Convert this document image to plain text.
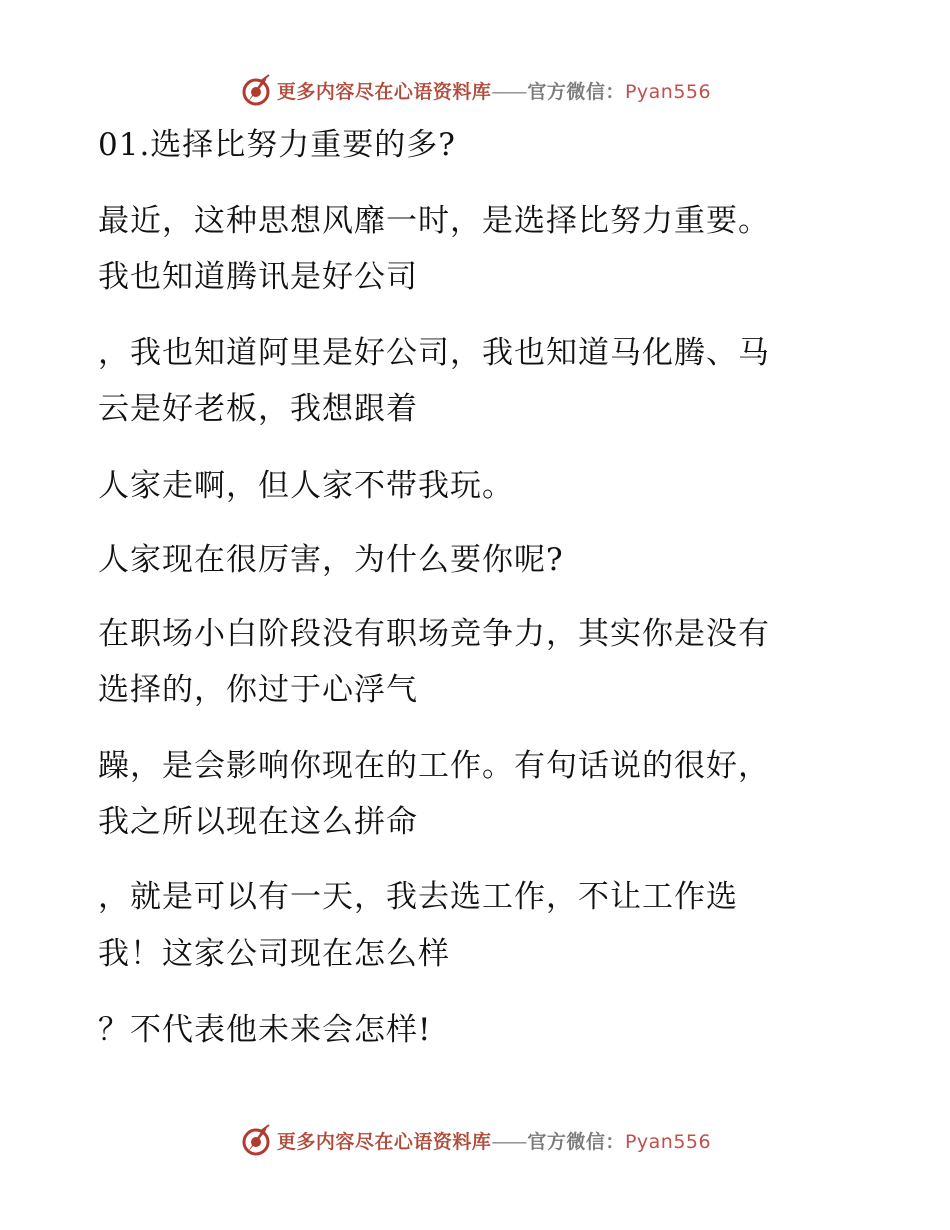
更多内容尽在心语资料库—— 官方微信：Pyan556
01.选择比努力重要的多?
最近，这种思想风靡一时，是选择比努力重要。
我也知道腾讯是好公司
，我也知道阿里是好公司，我也知道马化腾、马
云是好老板，我想跟着
人家走啊，但人家不带我玩。
人家现在很厉害，为什么要你呢?
在职场小白阶段没有职场竞争力，其实你是没有
选择的，你过于心浮气
躁，是会影响你现在的工作。有句话说的很好，
我之所以现在这么拼命
，就是可以有一天，我去选工作，不让工作选
我！这家公司现在怎么样
？不代表他未来会怎样!
更多内容尽在心语资料库—— 官方微信：Pyan556
